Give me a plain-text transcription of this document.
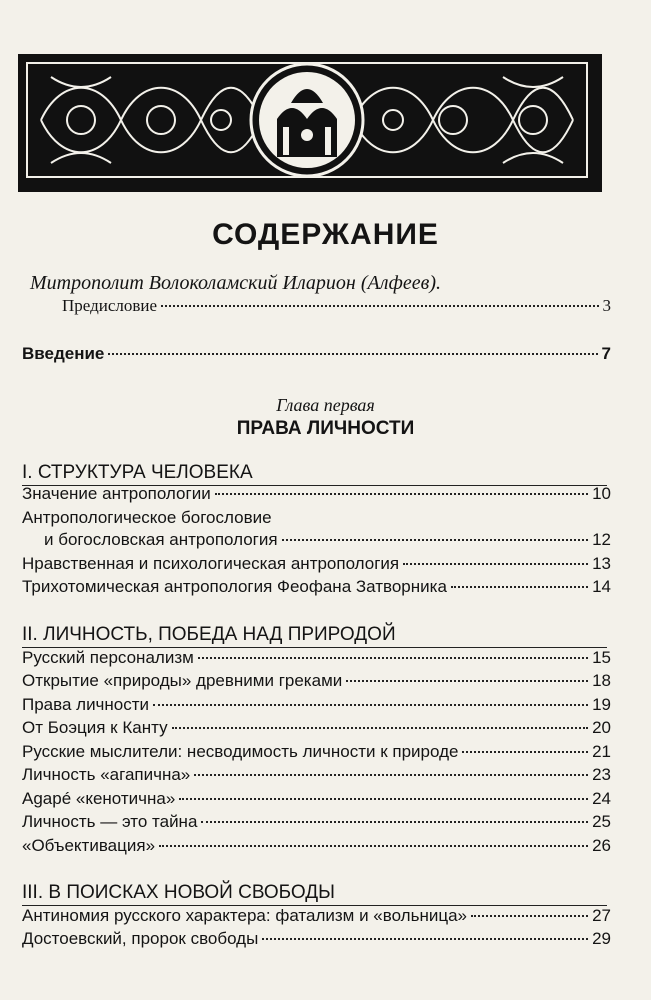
СОДЕРЖАНИЕ
Митрополит Волоколамский Иларион (Алфеев).
Предисловие	3
Введение	7
Глава первая
ПРАВА ЛИЧНОСТИ
I. СТРУКТУРА ЧЕЛОВЕКА
Значение антропологии	10
Антропологическое богословие
и богословская антропология	12
Нравственная и психологическая антропология	13
Трихотомическая антропология Феофана Затворника	14
II. ЛИЧНОСТЬ, ПОБЕДА НАД ПРИРОДОЙ
Русский персонализм	15
Открытие «природы» древними греками	18
Права личности	19
От Боэция к Канту	20
Русские мыслители: несводимость личности к природе	21
Личность «агапична»	23
Agapé «кенотична»	24
Личность — это тайна	25
«Объективация»	26
III. В ПОИСКАХ НОВОЙ СВОБОДЫ
Антиномия русского характера: фатализм и «вольница»	27
Достоевский, пророк свободы	29
